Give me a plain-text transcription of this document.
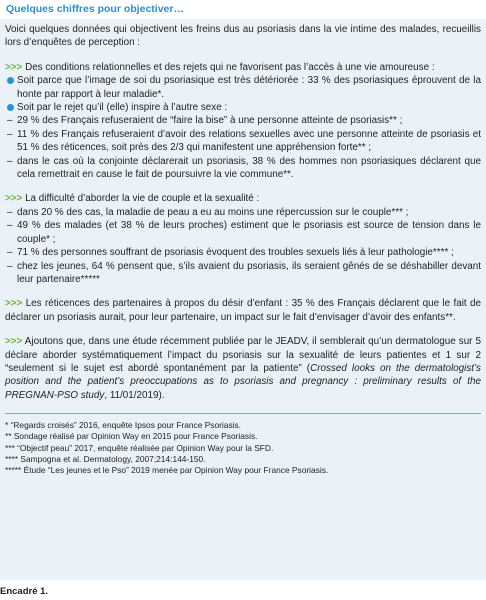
Quelques chiffres pour objectiver…

Voici quelques données qui objectivent les freins dus au psoriasis dans la vie intime des malades, recueillis lors d’enquêtes de perception :

>>> Des conditions relationnelles et des rejets qui ne favorisent pas l’accès à une vie amoureuse :
Soit parce que l’image de soi du psoriasique est très détériorée : 33 % des psoriasiques éprouvent de la honte par rapport à leur maladie*.
Soit par le rejet qu’il (elle) inspire à l’autre sexe :
– 29 % des Français refuseraient de “faire la bise” à une personne atteinte de psoriasis** ;
– 11 % des Français refuseraient d’avoir des relations sexuelles avec une personne atteinte de psoriasis et 51 % des réticences, soit près des 2/3 qui manifestent une appréhension forte** ;
– dans le cas où la conjointe déclarerait un psoriasis, 38 % des hommes non psoriasiques déclarent que cela remettrait en cause le fait de poursuivre la vie commune**.
>>> La difficulté d’aborder la vie de couple et la sexualité :
– dans 20 % des cas, la maladie de peau a eu au moins une répercussion sur le couple*** ;
– 49 % des malades (et 38 % de leurs proches) estiment que le psoriasis est source de tension dans le couple* ;
– 71 % des personnes souffrant de psoriasis évoquent des troubles sexuels liés à leur pathologie**** ;
– chez les jeunes, 64 % pensent que, s’ils avaient du psoriasis, ils seraient gênés de se déshabiller devant leur partenaire*****

>>> Les réticences des partenaires à propos du désir d’enfant : 35 % des Français déclarent que le fait de déclarer un psoriasis aurait, pour leur partenaire, un impact sur le fait d’envisager d’avoir des enfants**.

>>> Ajoutons que, dans une étude récemment publiée par le JEADV, il semblerait qu’un dermatologue sur 5 déclare aborder systématiquement l’impact du psoriasis sur la sexualité de leurs patientes et 1 sur 2 “seulement si le sujet est abordé spontanément par la patiente” (Crossed looks on the dermatologist’s position and the patient’s preoccupations as to psoriasis and pregnancy : preliminary results of the PREGNAN-PSO study, 11/01/2019).

* “Regards croisés” 2016, enquête Ipsos pour France Psoriasis.
** Sondage réalisé par Opinion Way en 2015 pour France Psoriasis.
*** “Objectif peau” 2017, enquête réalisée par Opinion Way pour la SFD.
**** Sampogna et al. Dermatology, 2007;214:144-150.
***** Étude “Les jeunes et le Pso” 2019 menée par Opinion Way pour France Psoriasis.
Encadré 1.
